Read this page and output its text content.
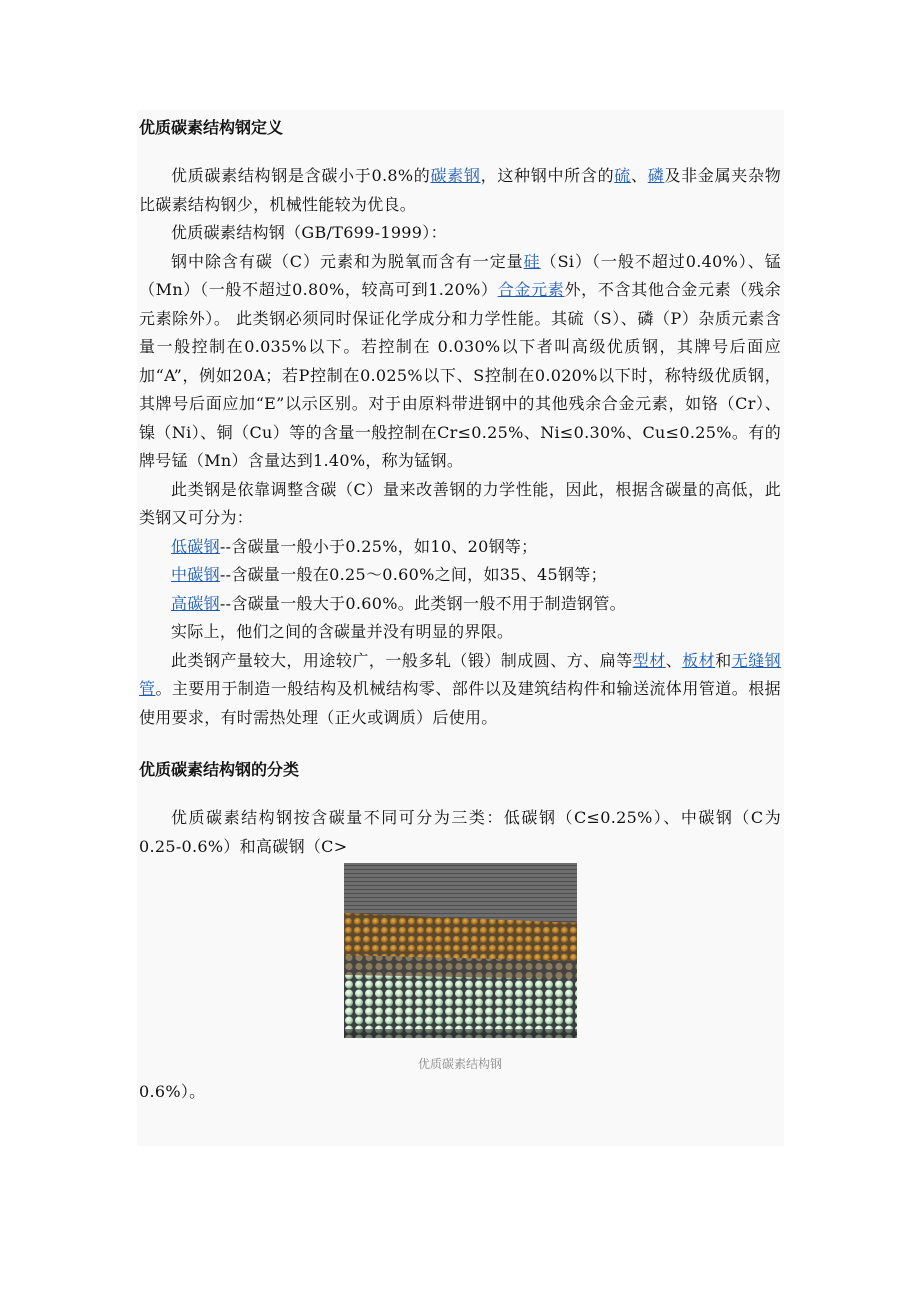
优质碳素结构钢定义

优质碳素结构钢是含碳小于0.8%的碳素钢，这种钢中所含的硫、磷及非金属夹杂物比碳素结构钢少，机械性能较为优良。

优质碳素结构钢（GB/T699-1999）：

钢中除含有碳（C）元素和为脱氧而含有一定量硅（Si）（一般不超过0.40%）、锰（Mn）（一般不超过0.80%，较高可到1.20%）合金元素外，不含其他合金元素（残余元素除外）。 此类钢必须同时保证化学成分和力学性能。其硫（S）、磷（P）杂质元素含量一般控制在0.035%以下。若控制在 0.030%以下者叫高级优质钢，其牌号后面应加“A”，例如20A；若P控制在0.025%以下、S控制在0.020%以下时，称特级优质钢，其牌号后面应加“E”以示区别。对于由原料带进钢中的其他残余合金元素，如铬（Cr）、镍（Ni）、铜（Cu）等的含量一般控制在Cr≤0.25%、Ni≤0.30%、Cu≤0.25%。有的牌号锰（Mn）含量达到1.40%，称为锰钢。

此类钢是依靠调整含碳（C）量来改善钢的力学性能，因此，根据含碳量的高低，此类钢又可分为：

低碳钢--含碳量一般小于0.25%，如10、20钢等；

中碳钢--含碳量一般在0.25～0.60%之间，如35、45钢等；

高碳钢--含碳量一般大于0.60%。此类钢一般不用于制造钢管。

实际上，他们之间的含碳量并没有明显的界限。

此类钢产量较大，用途较广，一般多轧（锻）制成圆、方、扁等型材、板材和无缝钢管。主要用于制造一般结构及机械结构零、部件以及建筑结构件和输送流体用管道。根据使用要求，有时需热处理（正火或调质）后使用。

优质碳素结构钢的分类

优质碳素结构钢按含碳量不同可分为三类：低碳钢（C≤0.25%）、中碳钢（C为0.25-0.6%）和高碳钢（C>

优质碳素结构钢

0.6%）。
